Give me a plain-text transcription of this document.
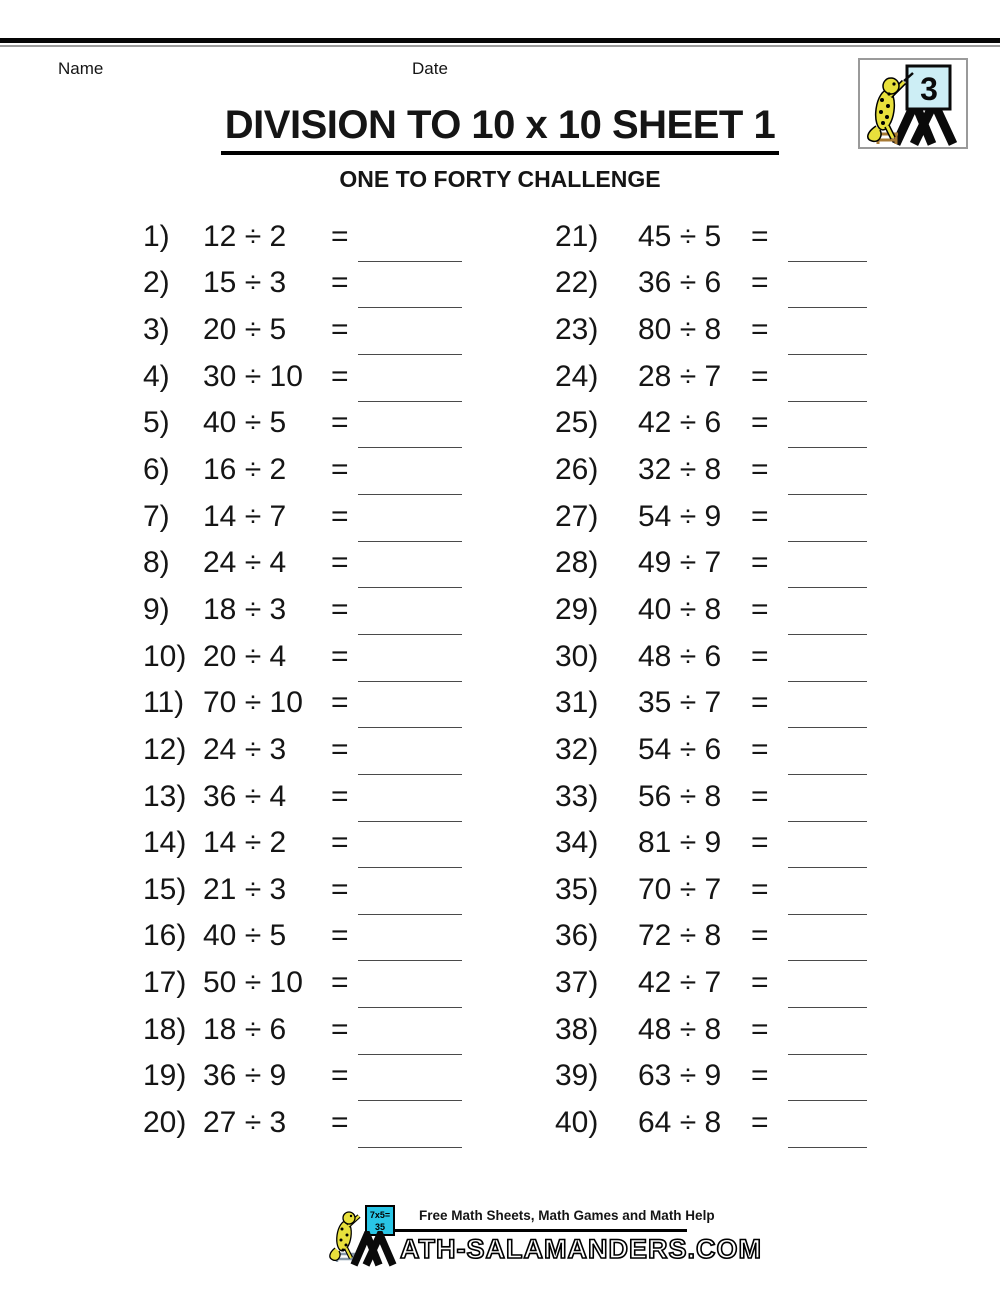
Name	Date
3
DIVISION TO 10 x 10 SHEET 1
ONE TO FORTY CHALLENGE
1) 12 ÷ 2 =
2) 15 ÷ 3 =
3) 20 ÷ 5 =
4) 30 ÷ 10 =
5) 40 ÷ 5 =
6) 16 ÷ 2 =
7) 14 ÷ 7 =
8) 24 ÷ 4 =
9) 18 ÷ 3 =
10) 20 ÷ 4 =
11) 70 ÷ 10 =
12) 24 ÷ 3 =
13) 36 ÷ 4 =
14) 14 ÷ 2 =
15) 21 ÷ 3 =
16) 40 ÷ 5 =
17) 50 ÷ 10 =
18) 18 ÷ 6 =
19) 36 ÷ 9 =
20) 27 ÷ 3 =
21) 45 ÷ 5 =
22) 36 ÷ 6 =
23) 80 ÷ 8 =
24) 28 ÷ 7 =
25) 42 ÷ 6 =
26) 32 ÷ 8 =
27) 54 ÷ 9 =
28) 49 ÷ 7 =
29) 40 ÷ 8 =
30) 48 ÷ 6 =
31) 35 ÷ 7 =
32) 54 ÷ 6 =
33) 56 ÷ 8 =
34) 81 ÷ 9 =
35) 70 ÷ 7 =
36) 72 ÷ 8 =
37) 42 ÷ 7 =
38) 48 ÷ 8 =
39) 63 ÷ 9 =
40) 64 ÷ 8 =
7x5=
35
Free Math Sheets, Math Games and Math Help
ATH-SALAMANDERS.COM
